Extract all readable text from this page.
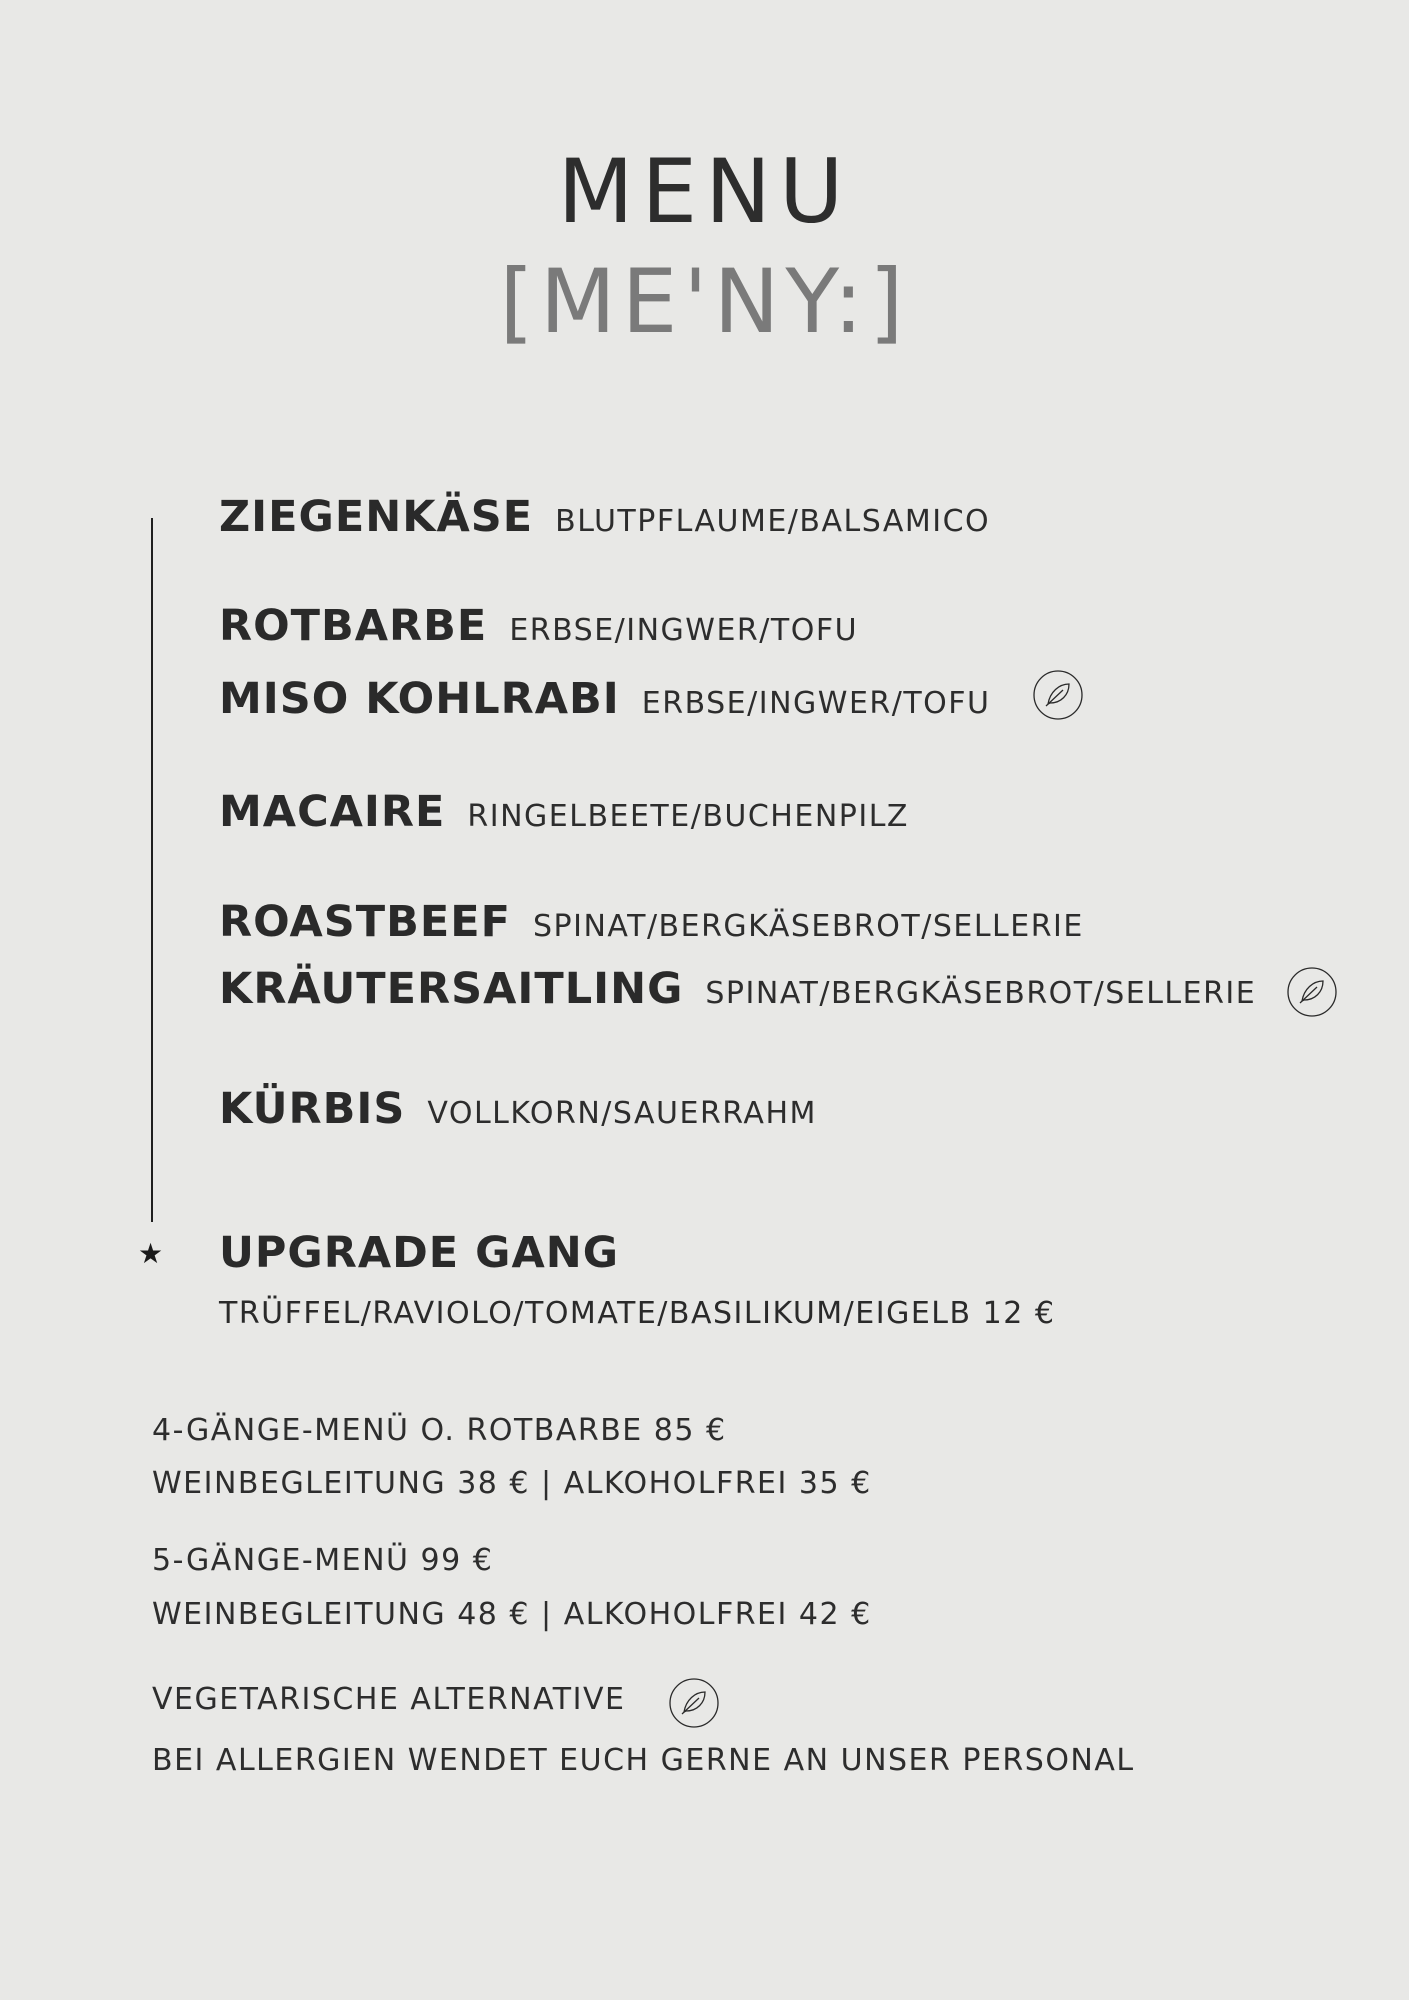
MENU
[ME'NY:]
ZIEGENKÄSE BLUTPFLAUME/BALSAMICO
ROTBARBE ERBSE/INGWER/TOFU
MISO KOHLRABI ERBSE/INGWER/TOFU
MACAIRE RINGELBEETE/BUCHENPILZ
ROASTBEEF SPINAT/BERGKÄSEBROT/SELLERIE
KRÄUTERSAITLING SPINAT/BERGKÄSEBROT/SELLERIE
KÜRBIS VOLLKORN/SAUERRAHM
★ UPGRADE GANG
TRÜFFEL/RAVIOLO/TOMATE/BASILIKUM/EIGELB 12 €
4-GÄNGE-MENÜ O. ROTBARBE 85 €
WEINBEGLEITUNG 38 € | ALKOHOLFREI 35 €
5-GÄNGE-MENÜ 99 €
WEINBEGLEITUNG 48 € | ALKOHOLFREI 42 €
VEGETARISCHE ALTERNATIVE
BEI ALLERGIEN WENDET EUCH GERNE AN UNSER PERSONAL
